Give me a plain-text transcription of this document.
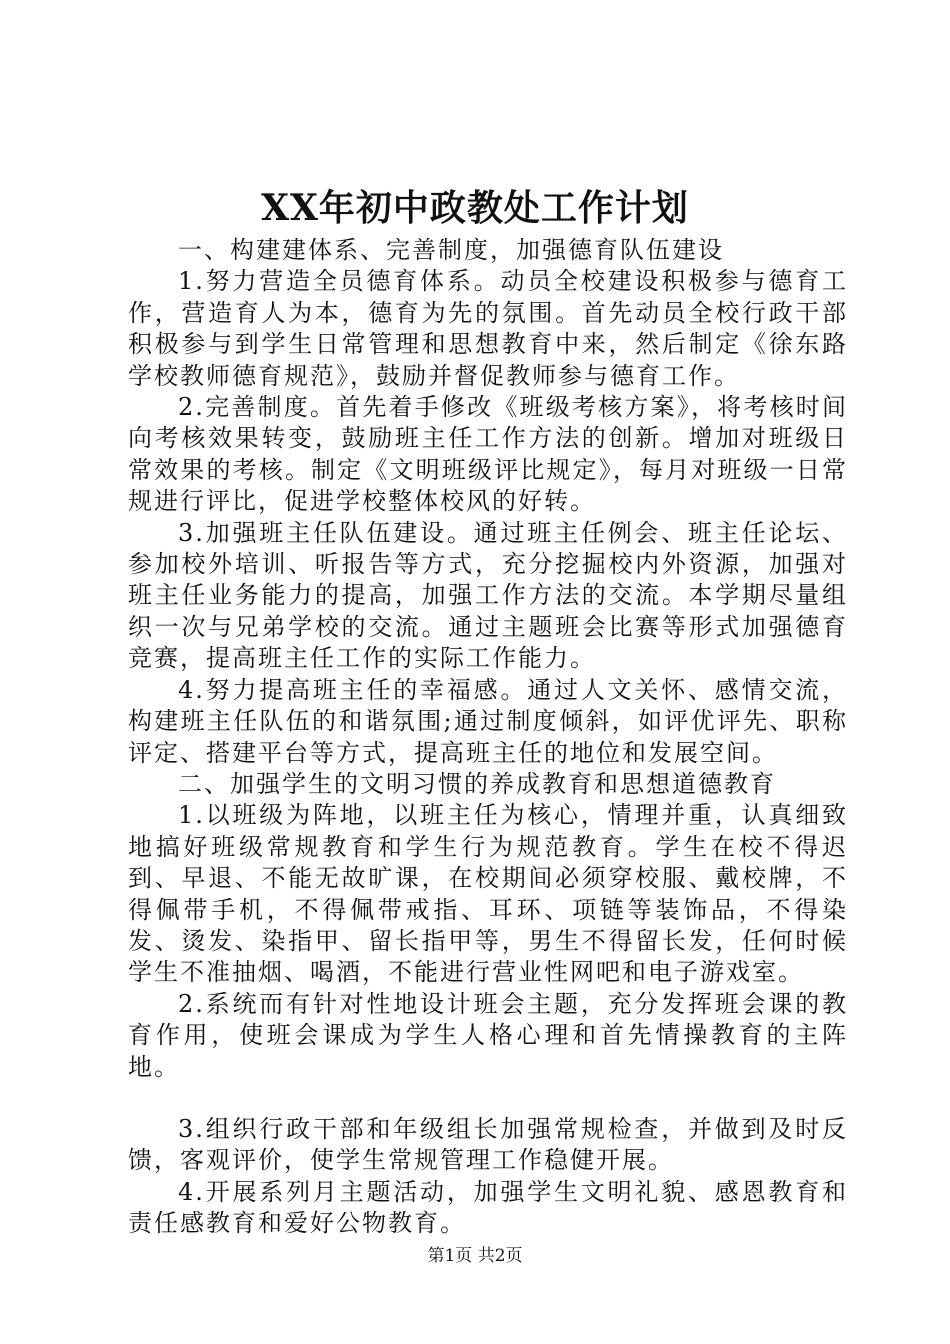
XX年初中政教处工作计划

一、构建建体系、完善制度，加强德育队伍建设

1.努力营造全员德育体系。动员全校建设积极参与德育工作，营造育人为本，德育为先的氛围。首先动员全校行政干部积极参与到学生日常管理和思想教育中来，然后制定《徐东路学校教师德育规范》，鼓励并督促教师参与德育工作。

2.完善制度。首先着手修改《班级考核方案》，将考核时间向考核效果转变，鼓励班主任工作方法的创新。增加对班级日常效果的考核。制定《文明班级评比规定》，每月对班级一日常规进行评比，促进学校整体校风的好转。

3.加强班主任队伍建设。通过班主任例会、班主任论坛、参加校外培训、听报告等方式，充分挖掘校内外资源，加强对班主任业务能力的提高，加强工作方法的交流。本学期尽量组织一次与兄弟学校的交流。通过主题班会比赛等形式加强德育竞赛，提高班主任工作的实际工作能力。

4.努力提高班主任的幸福感。通过人文关怀、感情交流，构建班主任队伍的和谐氛围;通过制度倾斜，如评优评先、职称评定、搭建平台等方式，提高班主任的地位和发展空间。

二、加强学生的文明习惯的养成教育和思想道德教育

1.以班级为阵地，以班主任为核心，情理并重，认真细致地搞好班级常规教育和学生行为规范教育。学生在校不得迟到、早退、不能无故旷课，在校期间必须穿校服、戴校牌，不得佩带手机，不得佩带戒指、耳环、项链等装饰品，不得染发、烫发、染指甲、留长指甲等，男生不得留长发，任何时候学生不准抽烟、喝酒，不能进行营业性网吧和电子游戏室。

2.系统而有针对性地设计班会主题，充分发挥班会课的教育作用，使班会课成为学生人格心理和首先情操教育的主阵地。

3.组织行政干部和年级组长加强常规检查，并做到及时反馈，客观评价，使学生常规管理工作稳健开展。

4.开展系列月主题活动，加强学生文明礼貌、感恩教育和责任感教育和爱好公物教育。

第1页 共2页
